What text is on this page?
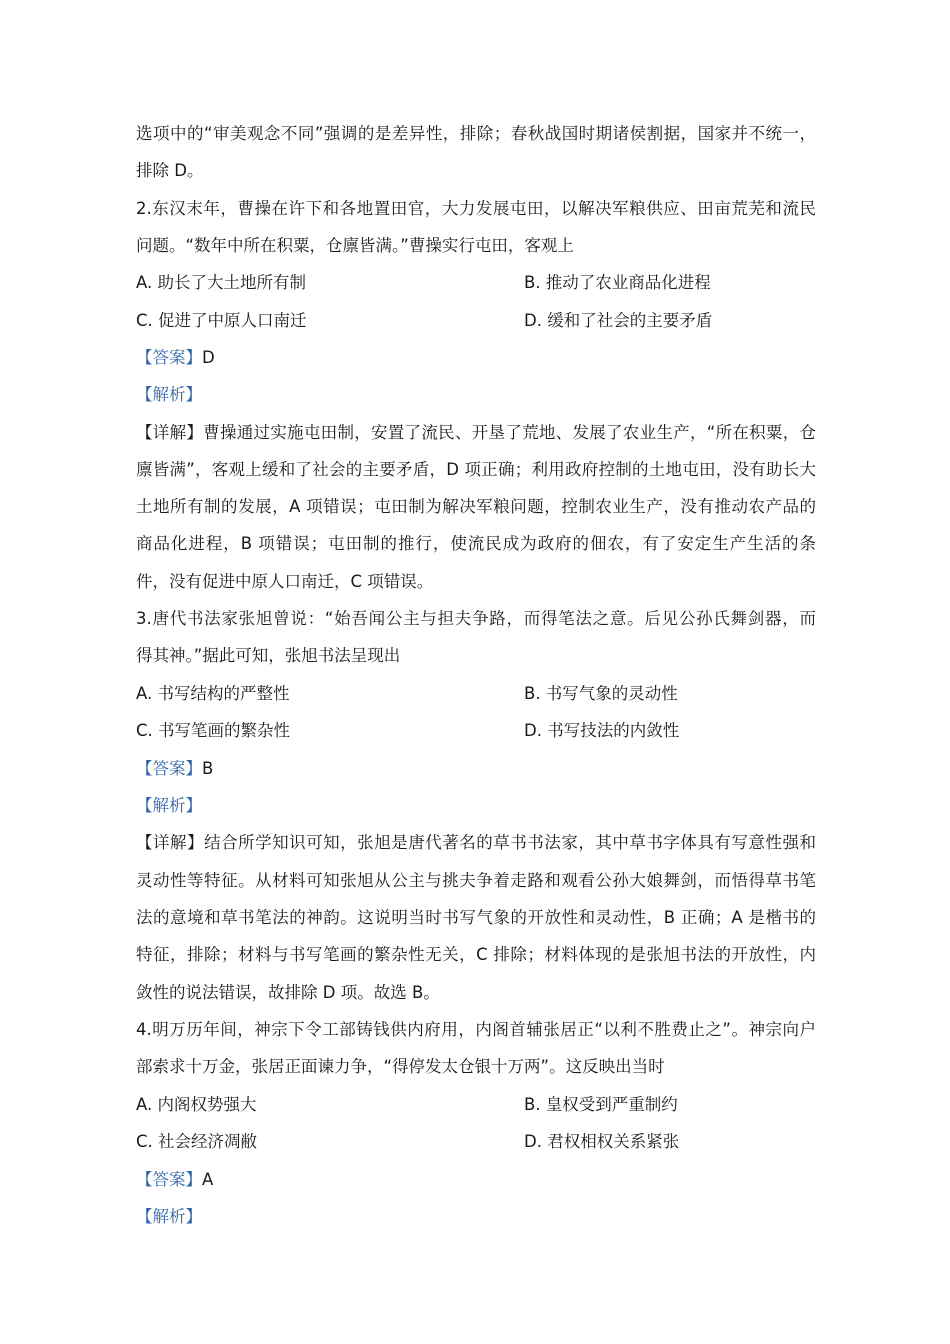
选项中的“审美观念不同”强调的是差异性，排除；春秋战国时期诸侯割据，国家并不统一，
排除 D。
2.东汉末年，曹操在许下和各地置田官，大力发展屯田，以解决军粮供应、田亩荒芜和流民
问题。“数年中所在积粟，仓廪皆满。”曹操实行屯田，客观上
A. 助长了大土地所有制	B. 推动了农业商品化进程
C. 促进了中原人口南迁	D. 缓和了社会的主要矛盾
【答案】D
【解析】
【详解】曹操通过实施屯田制，安置了流民、开垦了荒地、发展了农业生产，“所在积粟，仓
廪皆满”，客观上缓和了社会的主要矛盾，D 项正确；利用政府控制的土地屯田，没有助长大
土地所有制的发展，A 项错误；屯田制为解决军粮问题，控制农业生产，没有推动农产品的
商品化进程，B 项错误；屯田制的推行，使流民成为政府的佃农，有了安定生产生活的条
件，没有促进中原人口南迁，C 项错误。
3.唐代书法家张旭曾说：“始吾闻公主与担夫争路，而得笔法之意。后见公孙氏舞剑器，而
得其神。”据此可知，张旭书法呈现出
A. 书写结构的严整性	B. 书写气象的灵动性
C. 书写笔画的繁杂性	D. 书写技法的内敛性
【答案】B
【解析】
【详解】结合所学知识可知，张旭是唐代著名的草书书法家，其中草书字体具有写意性强和
灵动性等特征。从材料可知张旭从公主与挑夫争着走路和观看公孙大娘舞剑，而悟得草书笔
法的意境和草书笔法的神韵。这说明当时书写气象的开放性和灵动性，B 正确；A 是楷书的
特征，排除；材料与书写笔画的繁杂性无关，C 排除；材料体现的是张旭书法的开放性，内
敛性的说法错误，故排除 D 项。故选 B。
4.明万历年间，神宗下令工部铸钱供内府用，内阁首辅张居正“以利不胜费止之”。神宗向户
部索求十万金，张居正面谏力争，“得停发太仓银十万两”。这反映出当时
A. 内阁权势强大	B. 皇权受到严重制约
C. 社会经济凋敝	D. 君权相权关系紧张
【答案】A
【解析】
